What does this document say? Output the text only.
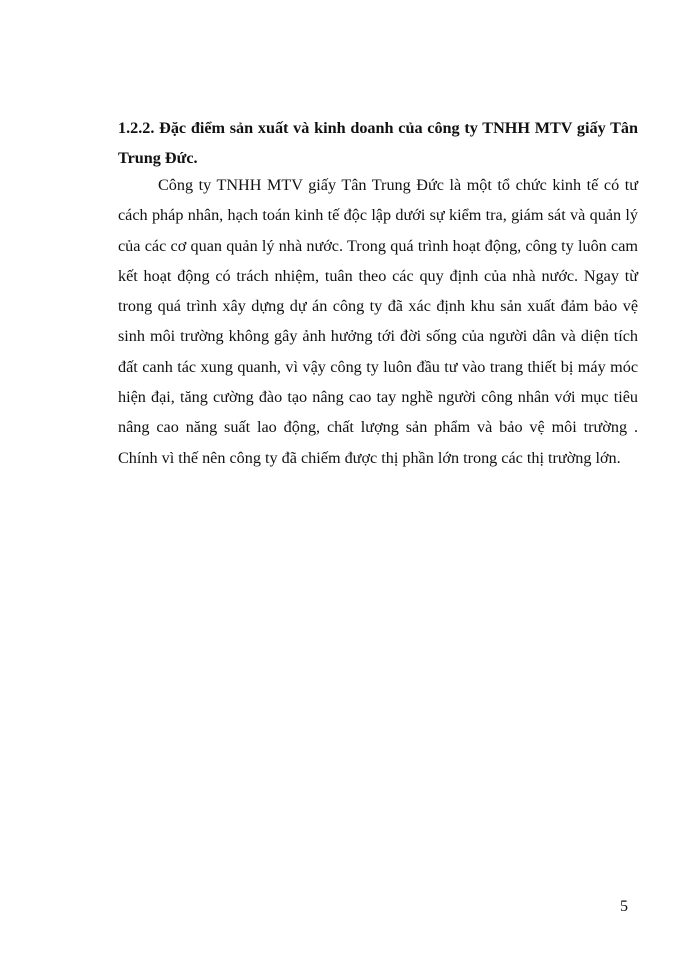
1.2.2. Đặc điểm sản xuất và kinh doanh của công ty TNHH MTV giấy Tân Trung Đức.

Công ty TNHH MTV giấy Tân Trung Đức là một tổ chức kinh tế có tư cách pháp nhân, hạch toán kinh tế độc lập dưới sự kiểm tra, giám sát và quản lý của các cơ quan quản lý nhà nước. Trong quá trình hoạt động, công ty luôn cam kết hoạt động có trách nhiệm, tuân theo các quy định của nhà nước. Ngay từ trong quá trình xây dựng dự án công ty đã xác định khu sản xuất đảm bảo vệ sinh môi trường không gây ảnh hưởng tới đời sống của người dân và diện tích đất canh tác xung quanh, vì vậy công ty luôn đầu tư vào trang thiết bị máy móc hiện đại, tăng cường đào tạo nâng cao tay nghề người công nhân với mục tiêu nâng cao năng suất lao động, chất lượng sản phẩm và bảo vệ môi trường . Chính vì thế nên công ty đã chiếm được thị phần lớn trong các thị trường lớn.

5
